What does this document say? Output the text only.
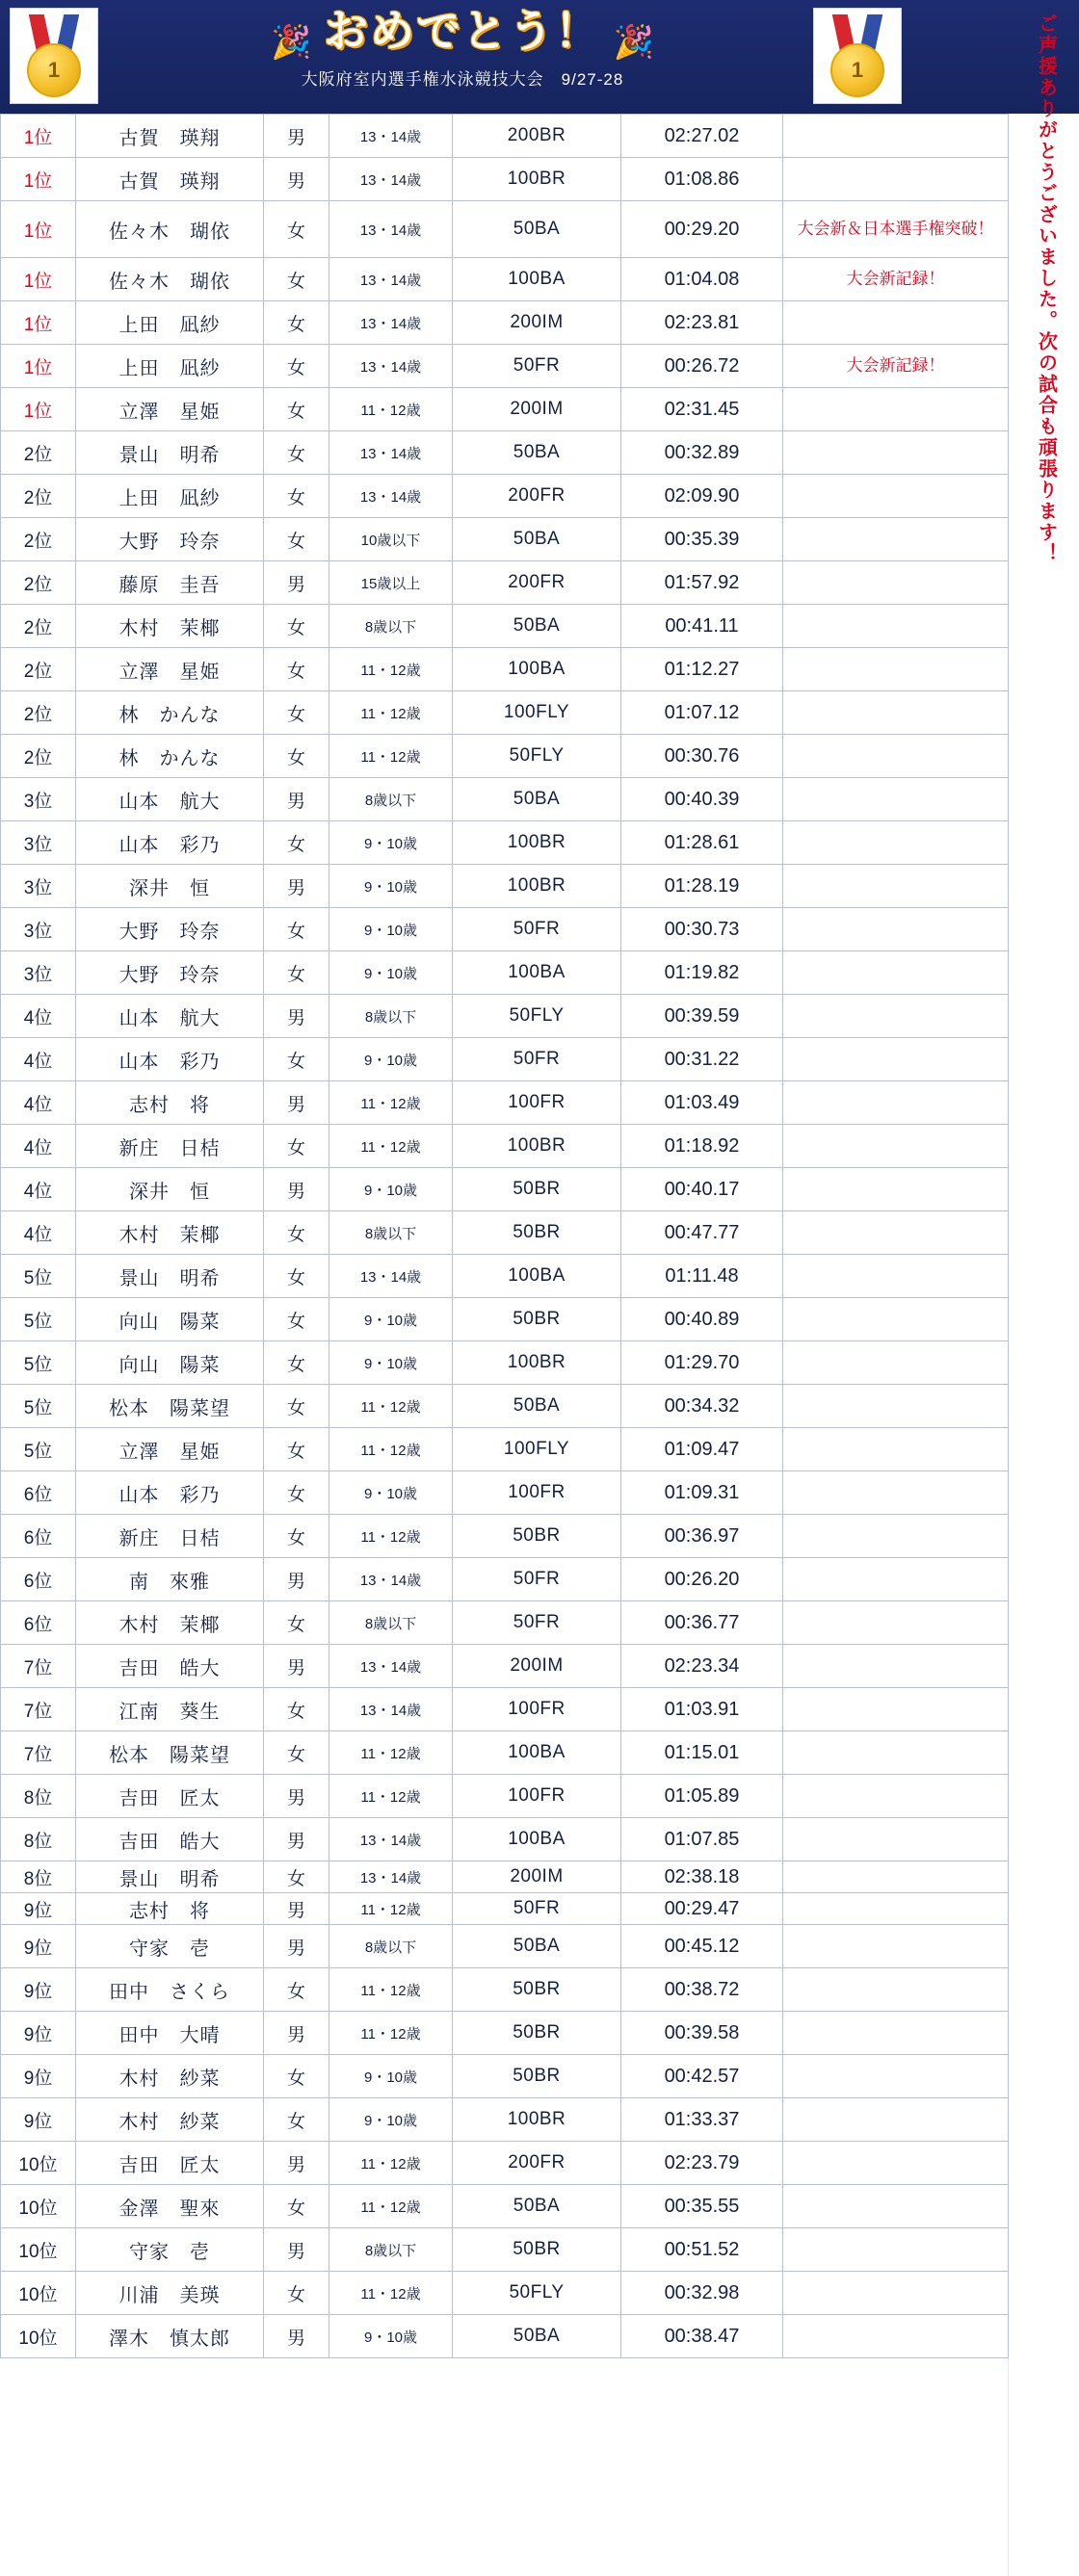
1
🎉 おめでとう！ 🎉
大阪府室内選手権水泳競技大会　9/27-28	1	ご声援ありがとうございました。次の試合も頑張ります！
1位	古賀　瑛翔	男	13・14歳	200BR	02:27.02	
1位	古賀　瑛翔	男	13・14歳	100BR	01:08.86	
1位	佐々木　瑚依	女	13・14歳	50BA	00:29.20	大会新＆日本選手権突破！
1位	佐々木　瑚依	女	13・14歳	100BA	01:04.08	大会新記録！
1位	上田　凪紗	女	13・14歳	200IM	02:23.81	
1位	上田　凪紗	女	13・14歳	50FR	00:26.72	大会新記録！
1位	立澤　星姫	女	11・12歳	200IM	02:31.45	
2位	景山　明希	女	13・14歳	50BA	00:32.89	
2位	上田　凪紗	女	13・14歳	200FR	02:09.90	
2位	大野　玲奈	女	10歳以下	50BA	00:35.39	
2位	藤原　圭吾	男	15歳以上	200FR	01:57.92	
2位	木村　茉椰	女	8歳以下	50BA	00:41.11	
2位	立澤　星姫	女	11・12歳	100BA	01:12.27	
2位	林　かんな	女	11・12歳	100FLY	01:07.12	
2位	林　かんな	女	11・12歳	50FLY	00:30.76	
3位	山本　航大	男	8歳以下	50BA	00:40.39	
3位	山本　彩乃	女	9・10歳	100BR	01:28.61	
3位	深井　恒	男	9・10歳	100BR	01:28.19	
3位	大野　玲奈	女	9・10歳	50FR	00:30.73	
3位	大野　玲奈	女	9・10歳	100BA	01:19.82	
4位	山本　航大	男	8歳以下	50FLY	00:39.59	
4位	山本　彩乃	女	9・10歳	50FR	00:31.22	
4位	志村　将	男	11・12歳	100FR	01:03.49	
4位	新庄　日桔	女	11・12歳	100BR	01:18.92	
4位	深井　恒	男	9・10歳	50BR	00:40.17	
4位	木村　茉椰	女	8歳以下	50BR	00:47.77	
5位	景山　明希	女	13・14歳	100BA	01:11.48	
5位	向山　陽菜	女	9・10歳	50BR	00:40.89	
5位	向山　陽菜	女	9・10歳	100BR	01:29.70	
5位	松本　陽菜望	女	11・12歳	50BA	00:34.32	
5位	立澤　星姫	女	11・12歳	100FLY	01:09.47	
6位	山本　彩乃	女	9・10歳	100FR	01:09.31	
6位	新庄　日桔	女	11・12歳	50BR	00:36.97	
6位	南　來雅	男	13・14歳	50FR	00:26.20	
6位	木村　茉椰	女	8歳以下	50FR	00:36.77	
7位	吉田　皓大	男	13・14歳	200IM	02:23.34	
7位	江南　葵生	女	13・14歳	100FR	01:03.91	
7位	松本　陽菜望	女	11・12歳	100BA	01:15.01	
8位	吉田　匠太	男	11・12歳	100FR	01:05.89	
8位	吉田　皓大	男	13・14歳	100BA	01:07.85	
8位	景山　明希	女	13・14歳	200IM	02:38.18	
9位	志村　将	男	11・12歳	50FR	00:29.47	
9位	守家　壱	男	8歳以下	50BA	00:45.12	
9位	田中　さくら	女	11・12歳	50BR	00:38.72	
9位	田中　大晴	男	11・12歳	50BR	00:39.58	
9位	木村　紗菜	女	9・10歳	50BR	00:42.57	
9位	木村　紗菜	女	9・10歳	100BR	01:33.37	
10位	吉田　匠太	男	11・12歳	200FR	02:23.79	
10位	金澤　聖來	女	11・12歳	50BA	00:35.55	
10位	守家　壱	男	8歳以下	50BR	00:51.52	
10位	川浦　美瑛	女	11・12歳	50FLY	00:32.98	
10位	澤木　慎太郎	男	9・10歳	50BA	00:38.47	
